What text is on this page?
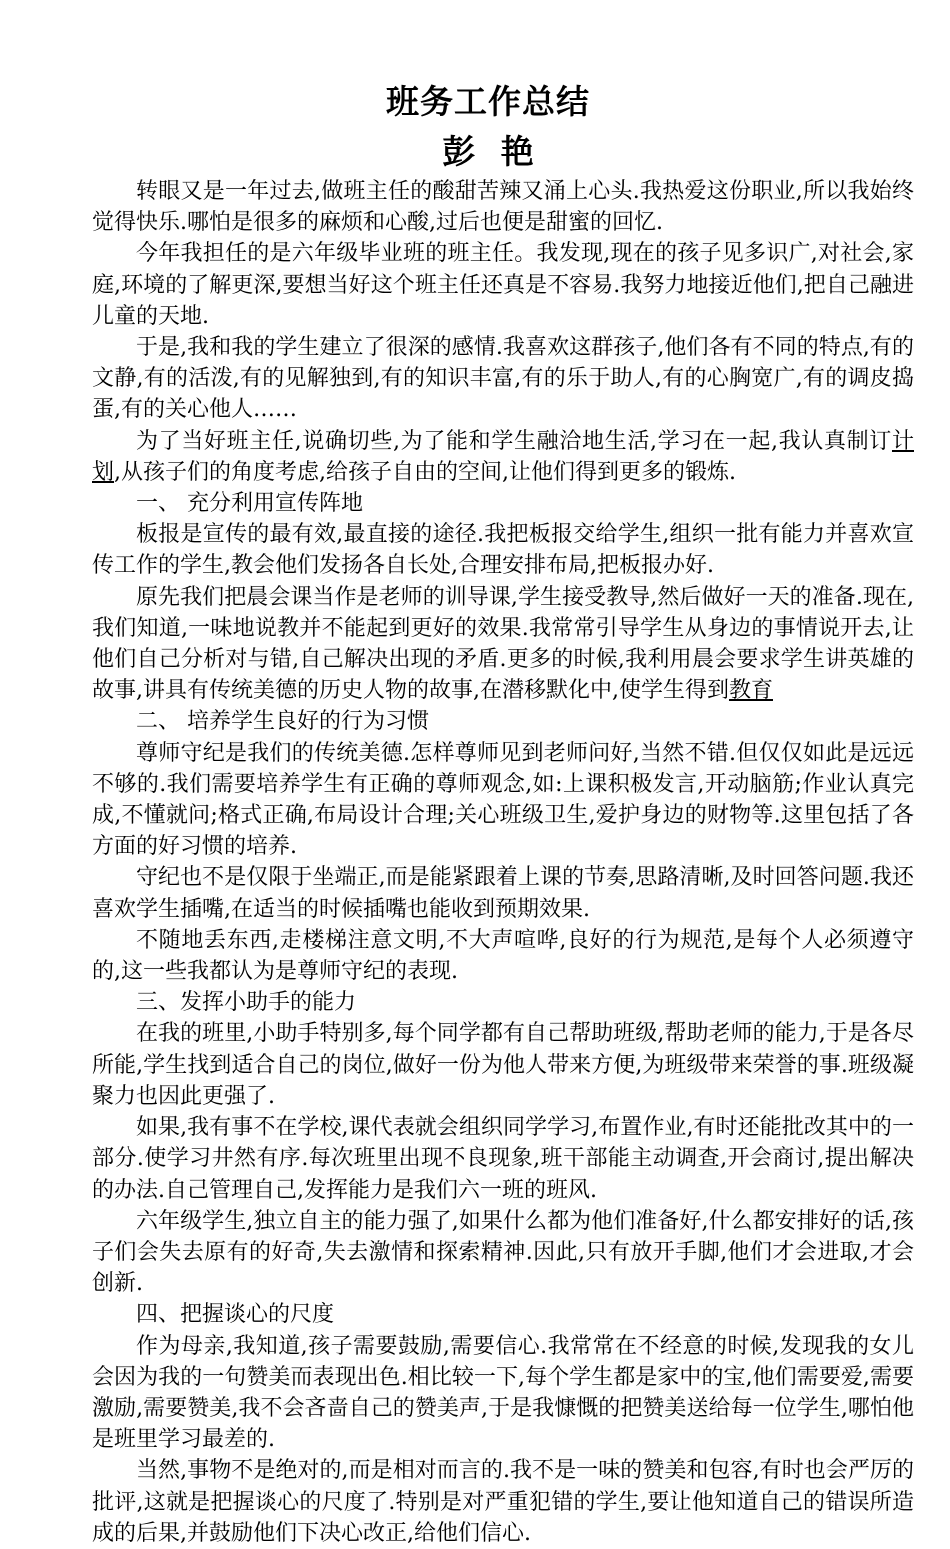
班务工作总结
彭 艳

转眼又是一年过去,做班主任的酸甜苦辣又涌上心头.我热爱这份职业,所以我始终觉得快乐.哪怕是很多的麻烦和心酸,过后也便是甜蜜的回忆.

今年我担任的是六年级毕业班的班主任。我发现,现在的孩子见多识广,对社会,家庭,环境的了解更深,要想当好这个班主任还真是不容易.我努力地接近他们,把自己融进儿童的天地.

于是,我和我的学生建立了很深的感情.我喜欢这群孩子,他们各有不同的特点,有的文静,有的活泼,有的见解独到,有的知识丰富,有的乐于助人,有的心胸宽广,有的调皮捣蛋,有的关心他人……

为了当好班主任,说确切些,为了能和学生融洽地生活,学习在一起,我认真制订计划,从孩子们的角度考虑,给孩子自由的空间,让他们得到更多的锻炼.

一、 充分利用宣传阵地

板报是宣传的最有效,最直接的途径.我把板报交给学生,组织一批有能力并喜欢宣传工作的学生,教会他们发扬各自长处,合理安排布局,把板报办好.

原先我们把晨会课当作是老师的训导课,学生接受教导,然后做好一天的准备.现在,我们知道,一味地说教并不能起到更好的效果.我常常引导学生从身边的事情说开去,让他们自己分析对与错,自己解决出现的矛盾.更多的时候,我利用晨会要求学生讲英雄的故事,讲具有传统美德的历史人物的故事,在潜移默化中,使学生得到教育

二、 培养学生良好的行为习惯

尊师守纪是我们的传统美德.怎样尊师见到老师问好,当然不错.但仅仅如此是远远不够的.我们需要培养学生有正确的尊师观念,如:上课积极发言,开动脑筋;作业认真完成,不懂就问;格式正确,布局设计合理;关心班级卫生,爱护身边的财物等.这里包括了各方面的好习惯的培养.

守纪也不是仅限于坐端正,而是能紧跟着上课的节奏,思路清晰,及时回答问题.我还喜欢学生插嘴,在适当的时候插嘴也能收到预期效果.

不随地丢东西,走楼梯注意文明,不大声喧哗,良好的行为规范,是每个人必须遵守的,这一些我都认为是尊师守纪的表现.

三、发挥小助手的能力

在我的班里,小助手特别多,每个同学都有自己帮助班级,帮助老师的能力,于是各尽所能,学生找到适合自己的岗位,做好一份为他人带来方便,为班级带来荣誉的事.班级凝聚力也因此更强了.

如果,我有事不在学校,课代表就会组织同学学习,布置作业,有时还能批改其中的一部分.使学习井然有序.每次班里出现不良现象,班干部能主动调查,开会商讨,提出解决的办法.自己管理自己,发挥能力是我们六一班的班风.

六年级学生,独立自主的能力强了,如果什么都为他们准备好,什么都安排好的话,孩子们会失去原有的好奇,失去激情和探索精神.因此,只有放开手脚,他们才会进取,才会创新.

四、把握谈心的尺度

作为母亲,我知道,孩子需要鼓励,需要信心.我常常在不经意的时候,发现我的女儿会因为我的一句赞美而表现出色.相比较一下,每个学生都是家中的宝,他们需要爱,需要激励,需要赞美,我不会吝啬自己的赞美声,于是我慷慨的把赞美送给每一位学生,哪怕他是班里学习最差的.

当然,事物不是绝对的,而是相对而言的.我不是一味的赞美和包容,有时也会严厉的批评,这就是把握谈心的尺度了.特别是对严重犯错的学生,要让他知道自己的错误所造成的后果,并鼓励他们下决心改正,给他们信心.
